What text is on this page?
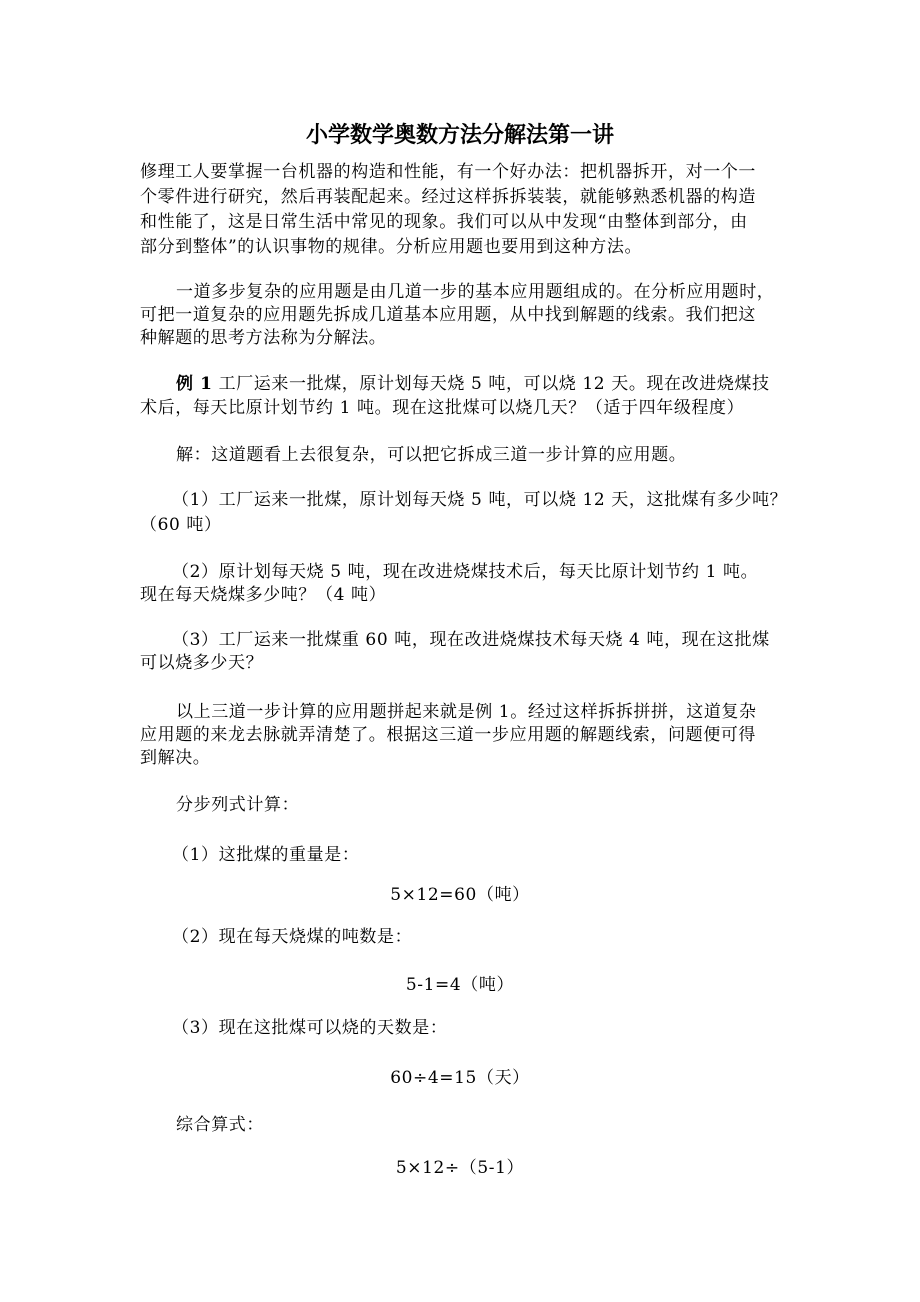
小学数学奥数方法分解法第一讲
修理工人要掌握一台机器的构造和性能，有一个好办法：把机器拆开，对一个一
个零件进行研究，然后再装配起来。经过这样拆拆装装，就能够熟悉机器的构造
和性能了，这是日常生活中常见的现象。我们可以从中发现“由整体到部分，由
部分到整体”的认识事物的规律。分析应用题也要用到这种方法。
一道多步复杂的应用题是由几道一步的基本应用题组成的。在分析应用题时，
可把一道复杂的应用题先拆成几道基本应用题，从中找到解题的线索。我们把这
种解题的思考方法称为分解法。
例 1 工厂运来一批煤，原计划每天烧 5 吨，可以烧 12 天。现在改进烧煤技
术后，每天比原计划节约 1 吨。现在这批煤可以烧几天？（适于四年级程度）
解：这道题看上去很复杂，可以把它拆成三道一步计算的应用题。
（1）工厂运来一批煤，原计划每天烧 5 吨，可以烧 12 天，这批煤有多少吨？
（60 吨）
（2）原计划每天烧 5 吨，现在改进烧煤技术后，每天比原计划节约 1 吨。
现在每天烧煤多少吨？（4 吨）
（3）工厂运来一批煤重 60 吨，现在改进烧煤技术每天烧 4 吨，现在这批煤
可以烧多少天？
以上三道一步计算的应用题拼起来就是例 1。经过这样拆拆拼拼，这道复杂
应用题的来龙去脉就弄清楚了。根据这三道一步应用题的解题线索，问题便可得
到解决。
分步列式计算：
（1）这批煤的重量是：
5×12=60（吨）
（2）现在每天烧煤的吨数是：
5-1=4（吨）
（3）现在这批煤可以烧的天数是：
60÷4=15（天）
综合算式：
5×12÷（5-1）
